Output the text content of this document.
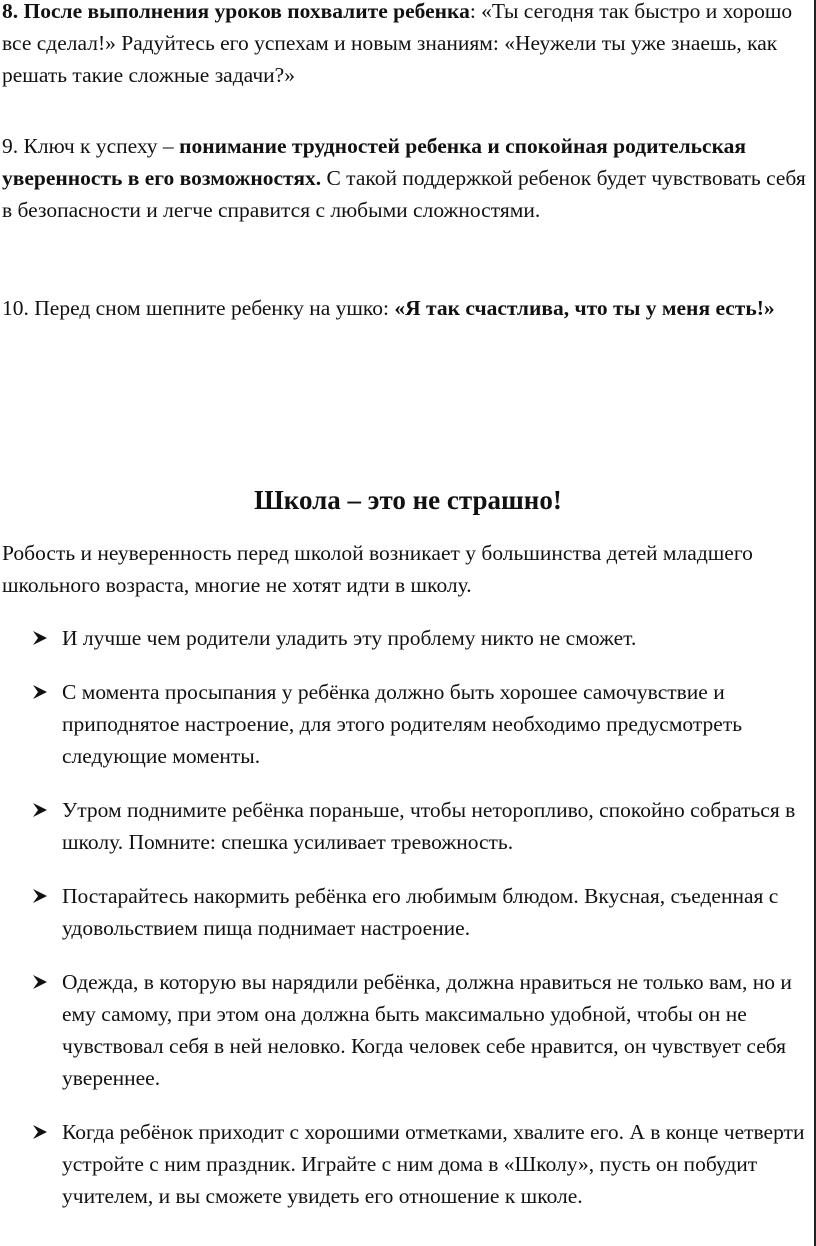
8. После выполнения уроков похвалите ребенка: «Ты сегодня так быстро и хорошо все сделал!» Радуйтесь его успехам и новым знаниям: «Неужели ты уже знаешь, как решать такие сложные задачи?»

9. Ключ к успеху – понимание трудностей ребенка и спокойная родительская уверенность в его возможностях. С такой поддержкой ребенок будет чувствовать себя в безопасности и легче справится с любыми сложностями.

10. Перед сном шепните ребенку на ушко: «Я так счастлива, что ты у меня есть!»

Школа – это не страшно!

Робость и неуверенность перед школой возникает у большинства детей младшего школьного возраста, многие не хотят идти в школу.

И лучше чем родители уладить эту проблему никто не сможет.
С момента просыпания у ребёнка должно быть хорошее самочувствие и приподнятое настроение, для этого родителям необходимо предусмотреть следующие моменты.
Утром поднимите ребёнка пораньше, чтобы неторопливо, спокойно собраться в школу. Помните: спешка усиливает тревожность.
Постарайтесь накормить ребёнка его любимым блюдом. Вкусная, съеденная с удовольствием пища поднимает настроение.
Одежда, в которую вы нарядили ребёнка, должна нравиться не только вам, но и ему самому, при этом она должна быть максимально удобной, чтобы он не чувствовал себя в ней неловко. Когда человек себе нравится, он чувствует себя увереннее.
Когда ребёнок приходит с хорошими отметками, хвалите его. А в конце четверти устройте с ним праздник. Играйте с ним дома в «Школу», пусть он побудит учителем, и вы сможете увидеть его отношение к школе.
